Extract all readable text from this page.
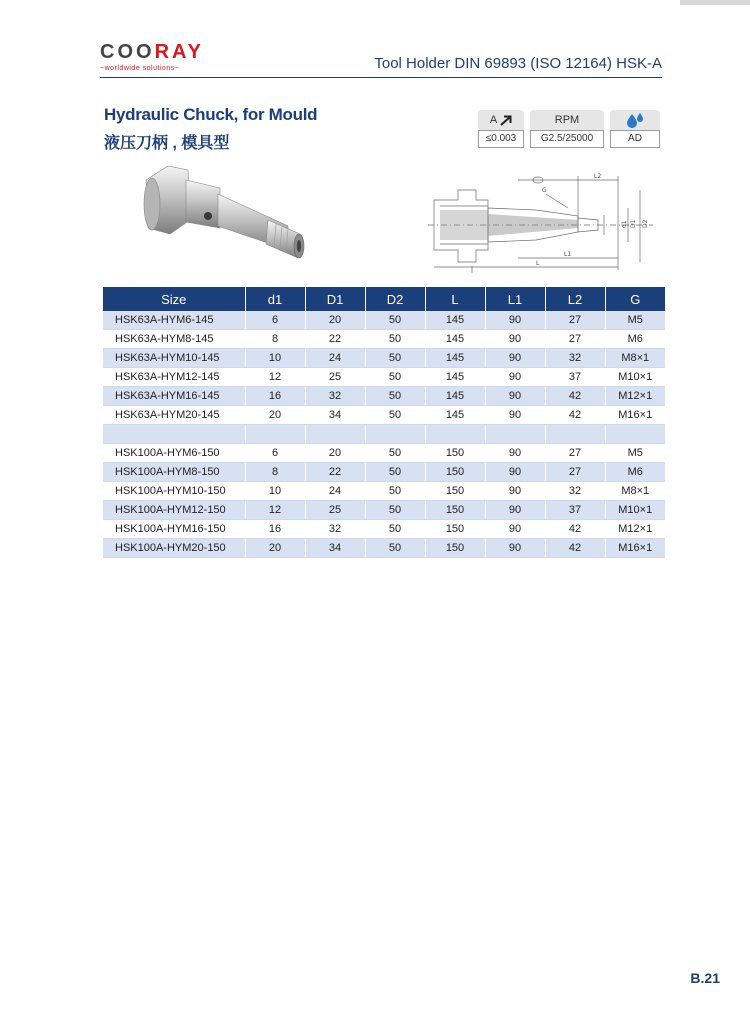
COORAY
~worldwide solutions~	Tool Holder DIN 69893 (ISO 12164) HSK-A
Hydraulic Chuck, for Mould
液压刀柄 , 模具型
A
≤0.003
RPM
G2.5/25000	AD
G
L2
L1
L
d1 D1 D2
Size	d1	D1	D2	L	L1	L2	G
HSK63A-HYM6-145	6	20	50	145	90	27	M5
HSK63A-HYM8-145	8	22	50	145	90	27	M6
HSK63A-HYM10-145	10	24	50	145	90	32	M8×1
HSK63A-HYM12-145	12	25	50	145	90	37	M10×1
HSK63A-HYM16-145	16	32	50	145	90	42	M12×1
HSK63A-HYM20-145	20	34	50	145	90	42	M16×1

HSK100A-HYM6-150	6	20	50	150	90	27	M5
HSK100A-HYM8-150	8	22	50	150	90	27	M6
HSK100A-HYM10-150	10	24	50	150	90	32	M8×1
HSK100A-HYM12-150	12	25	50	150	90	37	M10×1
HSK100A-HYM16-150	16	32	50	150	90	42	M12×1
HSK100A-HYM20-150	20	34	50	150	90	42	M16×1
B.21
